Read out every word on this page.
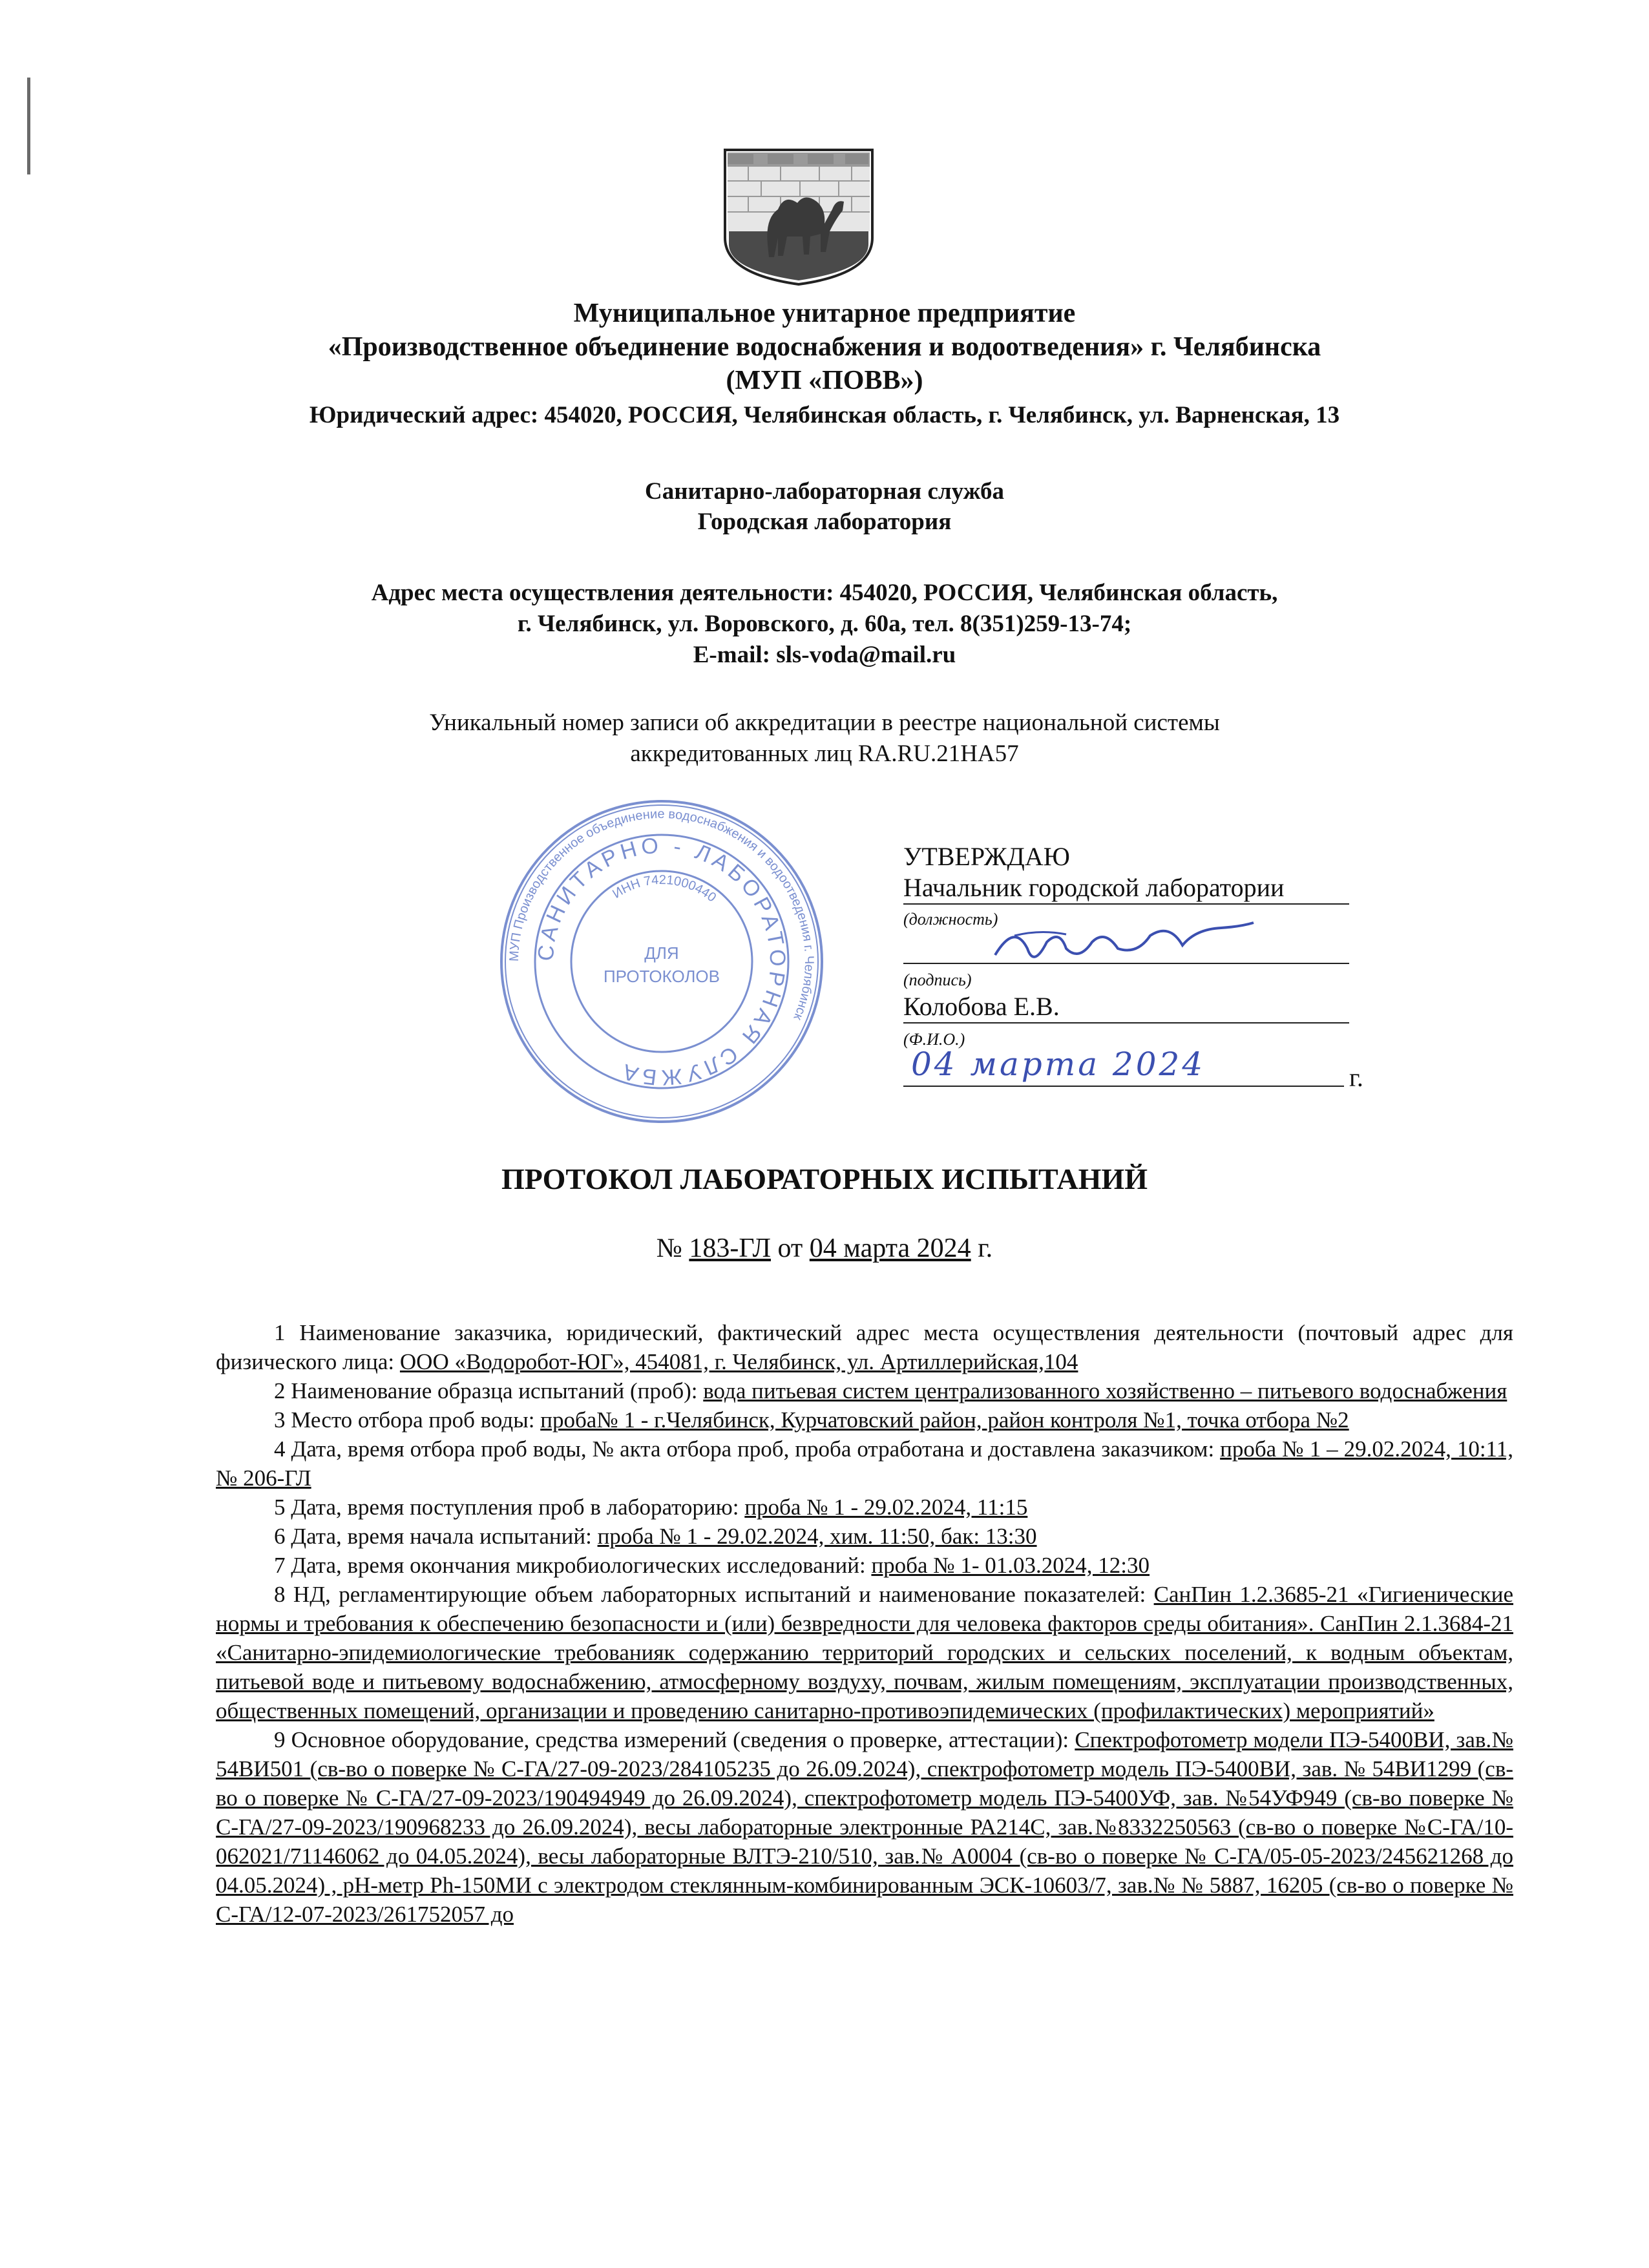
Муниципальное унитарное предприятие
«Производственное объединение водоснабжения и водоотведения» г. Челябинска
(МУП «ПОВВ»)
Юридический адрес: 454020, РОССИЯ, Челябинская область, г. Челябинск, ул. Варненская, 13
Санитарно-лабораторная служба
Городская лаборатория
Адрес места осуществления деятельности: 454020, РОССИЯ, Челябинская область,
г. Челябинск, ул. Воровского, д. 60а, тел. 8(351)259-13-74;
E-mail: sls-voda@mail.ru
Уникальный номер записи об аккредитации в реестре национальной системы
аккредитованных лиц RA.RU.21НА57
МУП Производственное объединение водоснабжения и водоотведения г. Челябинск
САНИТАРНО - ЛАБОРАТОРНАЯ СЛУЖБА
ИНН 7421000440
ДЛЯ
ПРОТОКОЛОВ
УТВЕРЖДАЮ
Начальник городской лаборатории
(должность)
(подпись)
Колобова Е.В.
(Ф.И.О.)
04 марта 2024	г.
ПРОТОКОЛ ЛАБОРАТОРНЫХ ИСПЫТАНИЙ
№ 183-ГЛ от 04 марта 2024 г.

1 Наименование заказчика, юридический, фактический адрес места осуществления деятельности (почтовый адрес для физического лица: ООО «Водоробот-ЮГ», 454081, г. Челябинск, ул. Артиллерийская,104

2 Наименование образца испытаний (проб): вода питьевая систем централизованного хозяйственно – питьевого водоснабжения

3 Место отбора проб воды: проба№ 1 - г.Челябинск, Курчатовский район, район контроля №1, точка отбора №2

4 Дата, время отбора проб воды, № акта отбора проб, проба отработана и доставлена заказчиком: проба № 1 – 29.02.2024, 10:11, № 206-ГЛ

5 Дата, время поступления проб в лабораторию: проба № 1 - 29.02.2024, 11:15

6 Дата, время начала испытаний: проба № 1 - 29.02.2024, хим. 11:50, бак: 13:30

7 Дата, время окончания микробиологических исследований: проба № 1- 01.03.2024, 12:30

8 НД, регламентирующие объем лабораторных испытаний и наименование показателей: СанПин 1.2.3685-21 «Гигиенические нормы и требования к обеспечению безопасности и (или) безвредности для человека факторов среды обитания». СанПин 2.1.3684-21 «Санитарно-эпидемиологические требованияк содержанию территорий городских и сельских поселений, к водным объектам, питьевой воде и питьевому водоснабжению, атмосферному воздуху, почвам, жилым помещениям, эксплуатации производственных, общественных помещений, организации и проведению санитарно-противоэпидемических (профилактических) мероприятий»

9 Основное оборудование, средства измерений (сведения о проверке, аттестации): Спектрофотометр модели ПЭ-5400ВИ, зав.№ 54ВИ501 (св-во о поверке № С-ГА/27-09-2023/284105235 до 26.09.2024), спектрофотометр модель ПЭ-5400ВИ, зав. № 54ВИ1299 (св-во о поверке № С-ГА/27-09-2023/190494949 до 26.09.2024), спектрофотометр модель ПЭ-5400УФ, зав. №54УФ949 (св-во поверке № С-ГА/27-09-2023/190968233 до 26.09.2024), весы лабораторные электронные РА214С, зав.№8332250563 (св-во о поверке №С-ГА/10-062021/71146062 до 04.05.2024), весы лабораторные ВЛТЭ-210/510, зав.№ А0004 (св-во о поверке № С-ГА/05-05-2023/245621268 до 04.05.2024) , рН-метр Ph-150МИ с электродом стеклянным-комбинированным ЭСК-10603/7, зав.№ № 5887, 16205 (св-во о поверке № С-ГА/12-07-2023/261752057 до
